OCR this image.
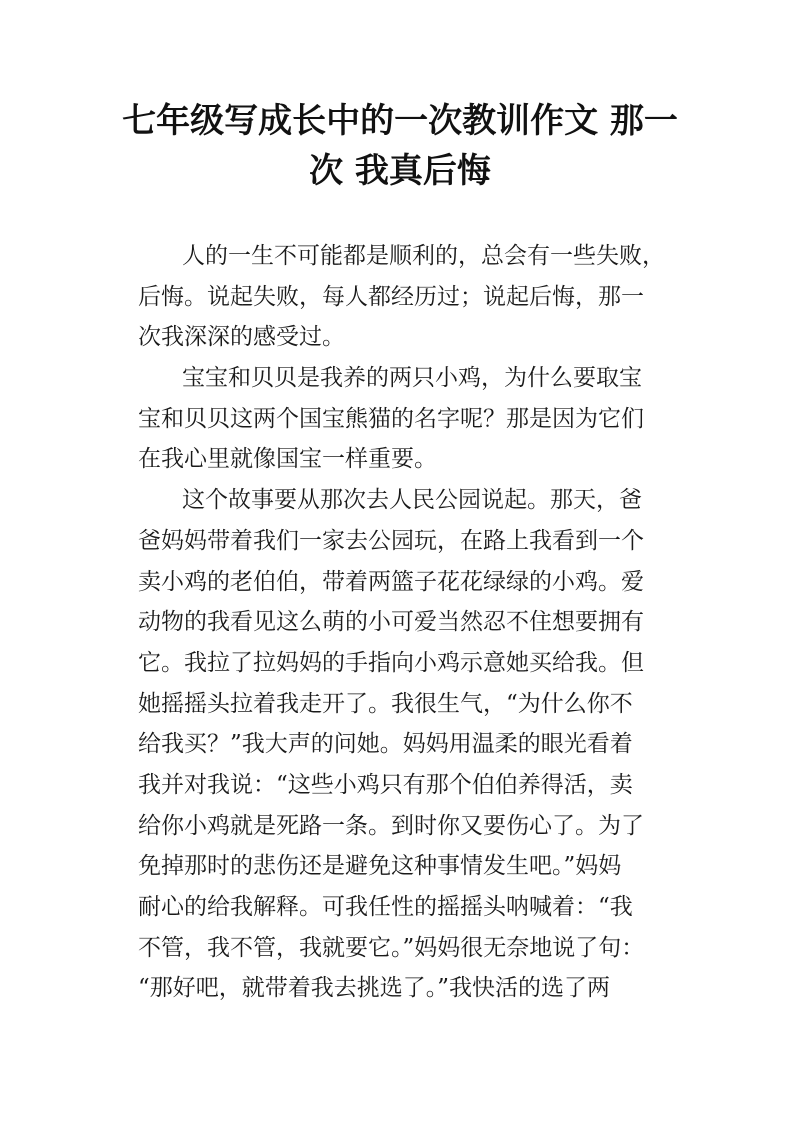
七年级写成长中的一次教训作文 那一
次 我真后悔
人的一生不可能都是顺利的，总会有一些失败，
后悔。说起失败，每人都经历过；说起后悔，那一
次我深深的感受过。
宝宝和贝贝是我养的两只小鸡，为什么要取宝
宝和贝贝这两个国宝熊猫的名字呢？那是因为它们
在我心里就像国宝一样重要。
这个故事要从那次去人民公园说起。那天，爸
爸妈妈带着我们一家去公园玩，在路上我看到一个
卖小鸡的老伯伯，带着两篮子花花绿绿的小鸡。爱
动物的我看见这么萌的小可爱当然忍不住想要拥有
它。我拉了拉妈妈的手指向小鸡示意她买给我。但
她摇摇头拉着我走开了。我很生气，“为什么你不
给我买？”我大声的问她。妈妈用温柔的眼光看着
我并对我说：“这些小鸡只有那个伯伯养得活，卖
给你小鸡就是死路一条。到时你又要伤心了。为了
免掉那时的悲伤还是避免这种事情发生吧。”妈妈
耐心的给我解释。可我任性的摇摇头呐喊着：“我
不管，我不管，我就要它。”妈妈很无奈地说了句：
“那好吧，就带着我去挑选了。”我快活的选了两
